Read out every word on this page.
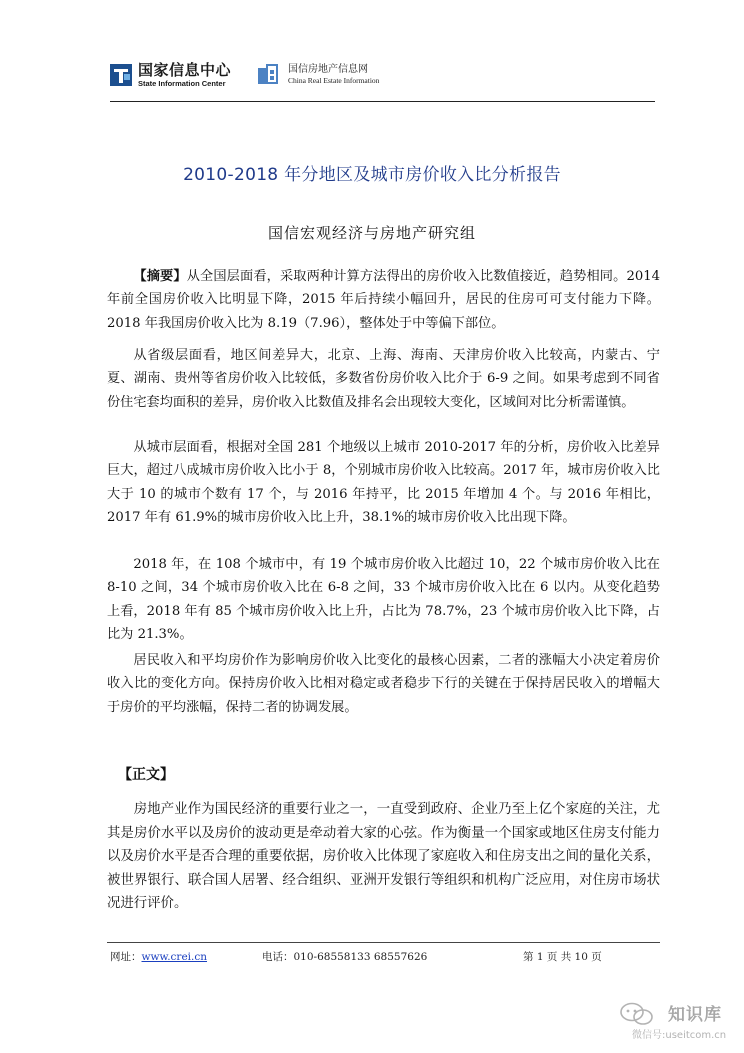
国家信息中心
State Information Center
国信房地产信息网
China Real Estate Information
2010-2018 年分地区及城市房价收入比分析报告
国信宏观经济与房地产研究组

【摘要】从全国层面看，采取两种计算方法得出的房价收入比数值接近，趋势相同。2014 年前全国房价收入比明显下降，2015 年后持续小幅回升，居民的住房可可支付能力下降。2018 年我国房价收入比为 8.19（7.96），整体处于中等偏下部位。

从省级层面看，地区间差异大，北京、上海、海南、天津房价收入比较高，内蒙古、宁夏、湖南、贵州等省房价收入比较低，多数省份房价收入比介于 6-9 之间。如果考虑到不同省份住宅套均面积的差异，房价收入比数值及排名会出现较大变化，区域间对比分析需谨慎。

从城市层面看，根据对全国 281 个地级以上城市 2010-2017 年的分析，房价收入比差异巨大，超过八成城市房价收入比小于 8，个别城市房价收入比较高。2017 年，城市房价收入比大于 10 的城市个数有 17 个，与 2016 年持平，比 2015 年增加 4 个。与 2016 年相比，2017 年有 61.9%的城市房价收入比上升，38.1%的城市房价收入比出现下降。

2018 年，在 108 个城市中，有 19 个城市房价收入比超过 10，22 个城市房价收入比在 8-10 之间，34 个城市房价收入比在 6-8 之间，33 个城市房价收入比在 6 以内。从变化趋势上看，2018 年有 85 个城市房价收入比上升，占比为 78.7%，23 个城市房价收入比下降，占比为 21.3%。

居民收入和平均房价作为影响房价收入比变化的最核心因素，二者的涨幅大小决定着房价收入比的变化方向。保持房价收入比相对稳定或者稳步下行的关键在于保持居民收入的增幅大于房价的平均涨幅，保持二者的协调发展。

【正文】

房地产业作为国民经济的重要行业之一，一直受到政府、企业乃至上亿个家庭的关注，尤其是房价水平以及房价的波动更是牵动着大家的心弦。作为衡量一个国家或地区住房支付能力以及房价水平是否合理的重要依据，房价收入比体现了家庭收入和住房支出之间的量化关系，被世界银行、联合国人居署、经合组织、亚洲开发银行等组织和机构广泛应用，对住房市场状况进行评价。

网址：www.crei.cn	电话：010-68558133 68557626	第 1 页 共 10 页
知识库
微信号:useitcom.cn
